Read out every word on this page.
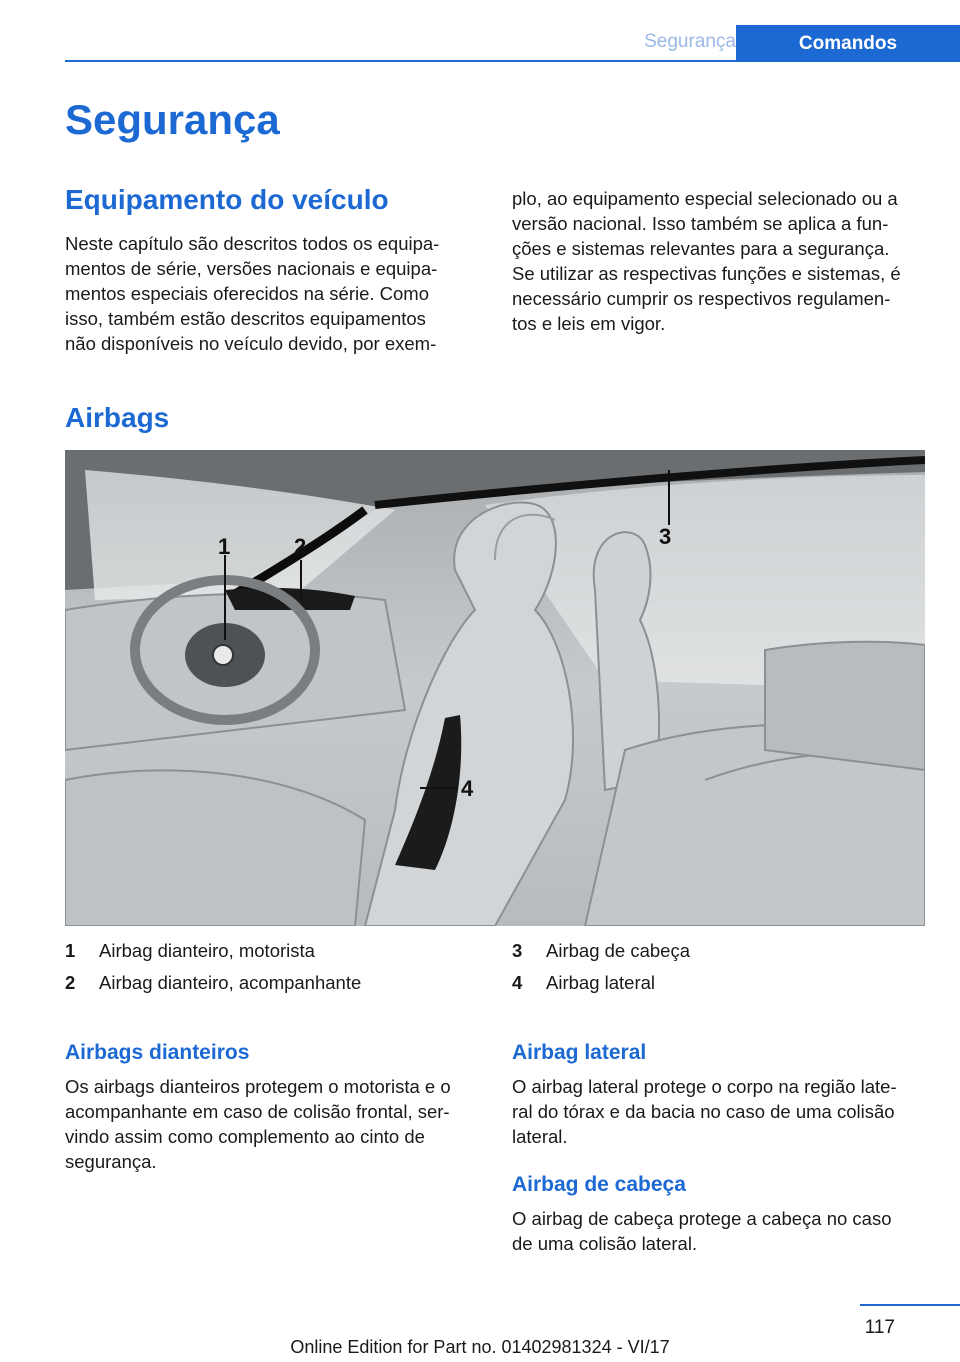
Segurança	Comandos
Segurança
Equipamento do veículo
Neste capítulo são descritos todos os equipa‐
mentos de série, versões nacionais e equipa‐
mentos especiais oferecidos na série. Como
isso, também estão descritos equipamentos
não disponíveis no veículo devido, por exem‐
plo, ao equipamento especial selecionado ou a
versão nacional. Isso também se aplica a fun‐
ções e sistemas relevantes para a segurança.
Se utilizar as respectivas funções e sistemas, é
necessário cumprir os respectivos regulamen‐
tos e leis em vigor.
Airbags
1	2	3
4
1 Airbag dianteiro, motorista
2 Airbag dianteiro, acompanhante
3 Airbag de cabeça
4 Airbag lateral
Airbags dianteiros
Os airbags dianteiros protegem o motorista e o
acompanhante em caso de colisão frontal, ser‐
vindo assim como complemento ao cinto de
segurança.
Airbag lateral
O airbag lateral protege o corpo na região late‐
ral do tórax e da bacia no caso de uma colisão
lateral.
Airbag de cabeça
O airbag de cabeça protege a cabeça no caso
de uma colisão lateral.
117
Online Edition for Part no. 01402981324 - VI/17
